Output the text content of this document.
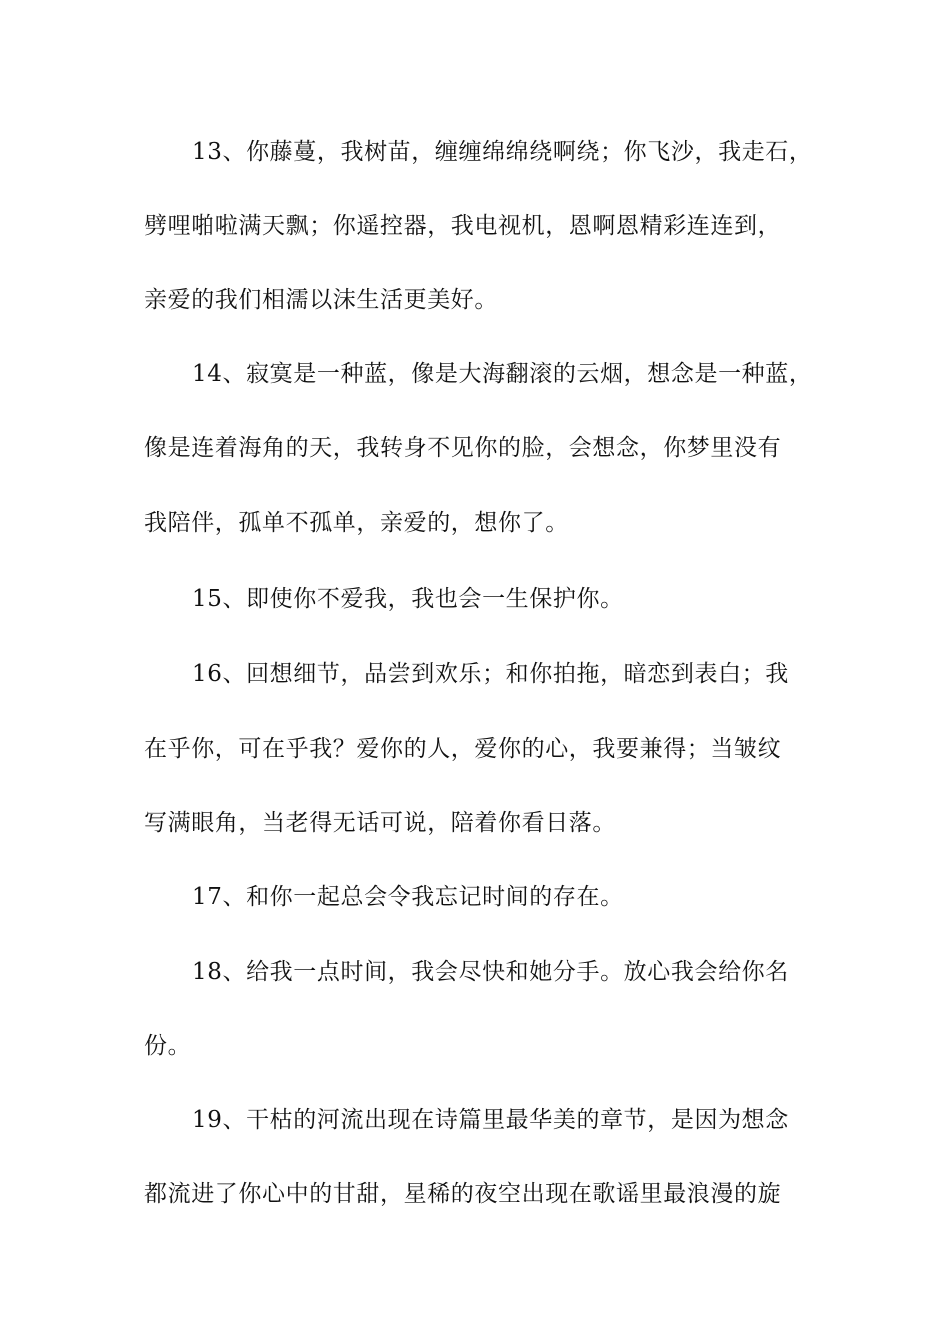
13、你藤蔓，我树苗，缠缠绵绵绕啊绕；你飞沙，我走石，

劈哩啪啦满天飘；你遥控器，我电视机，恩啊恩精彩连连到，

亲爱的我们相濡以沫生活更美好。

14、寂寞是一种蓝，像是大海翻滚的云烟，想念是一种蓝，

像是连着海角的天，我转身不见你的脸，会想念，你梦里没有

我陪伴，孤单不孤单，亲爱的，想你了。

15、即使你不爱我，我也会一生保护你。

16、回想细节，品尝到欢乐；和你拍拖，暗恋到表白；我

在乎你，可在乎我？爱你的人，爱你的心，我要兼得；当皱纹

写满眼角，当老得无话可说，陪着你看日落。

17、和你一起总会令我忘记时间的存在。

18、给我一点时间，我会尽快和她分手。放心我会给你名

份。

19、干枯的河流出现在诗篇里最华美的章节，是因为想念

都流进了你心中的甘甜，星稀的夜空出现在歌谣里最浪漫的旋
